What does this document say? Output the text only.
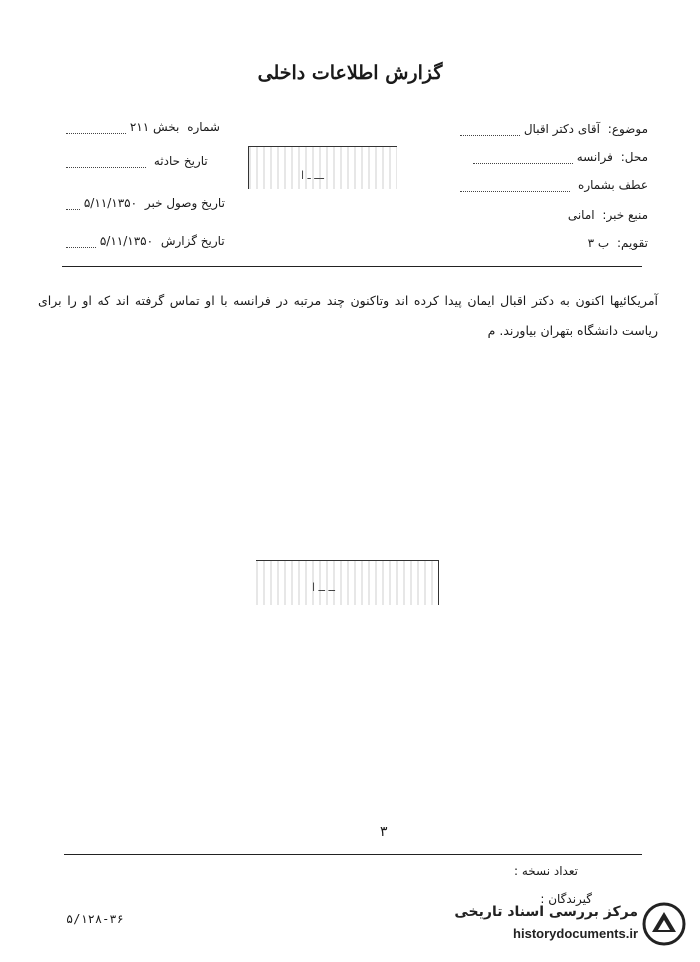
گزارش اطلاعات داخلی
موضوع: آقای دکتر اقبال
محل: فرانسه
عطف بشماره
منبع خبر: امانی
تقویم: ب ۳
شماره بخش ۲۱۱
تاریخ حادثه
تاریخ وصول خبر ۵/۱۱/۱۳۵۰
تاریخ گزارش ۵/۱۱/۱۳۵۰
ـــ ـ ا
آمریکائیها اکنون به دکتر اقبال ایمان پیدا کرده اند وتاکنون چند مرتبه در فرانسه با او تماس گرفته اند که او را برای ریاست دانشگاه بتهران بیاورند. م
ــ ــ ا
۳
تعداد نسخه :
گیرندگان :
۵/۱۲۸-۳۶	مرکز بررسی اسناد تاریخی
historydocuments.ir
